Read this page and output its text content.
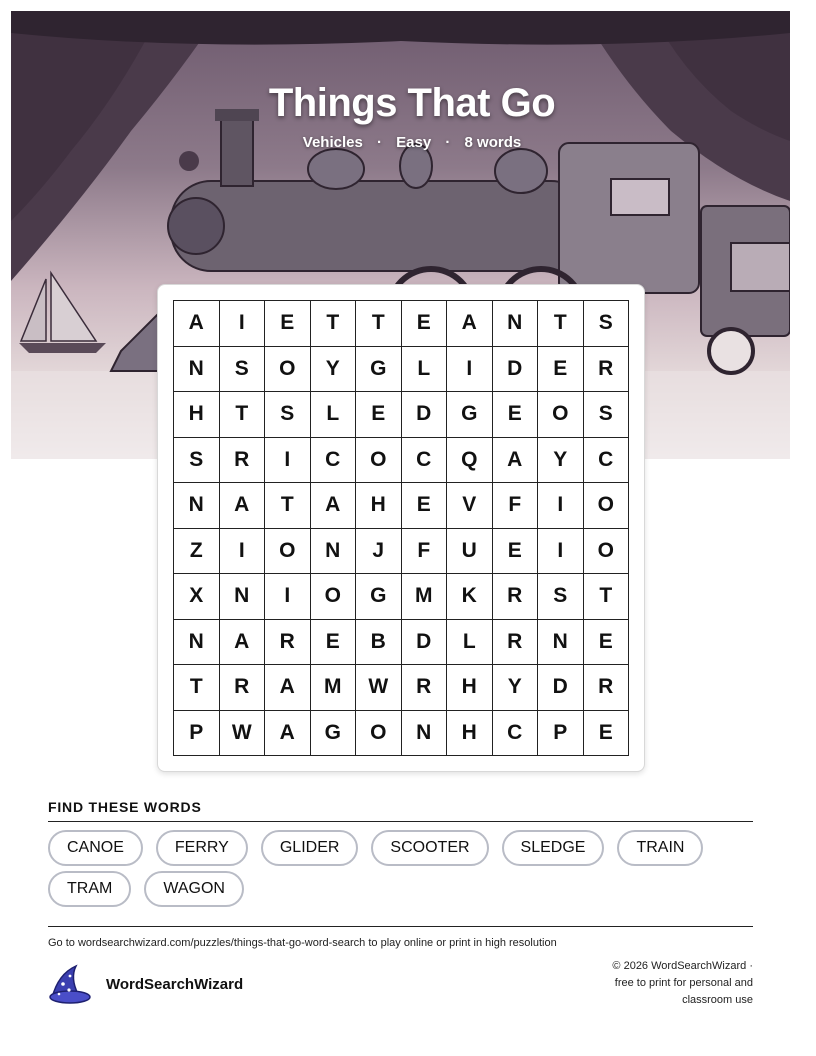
Things That Go
Vehicles · Easy · 8 words
A	I	E	T	T	E	A	N	T	S
N	S	O	Y	G	L	I	D	E	R
H	T	S	L	E	D	G	E	O	S
S	R	I	C	O	C	Q	A	Y	C
N	A	T	A	H	E	V	F	I	O
Z	I	O	N	J	F	U	E	I	O
X	N	I	O	G	M	K	R	S	T
N	A	R	E	B	D	L	R	N	E
T	R	A	M	W	R	H	Y	D	R
P	W	A	G	O	N	H	C	P	E
FIND THESE WORDS
CANOE	FERRY	GLIDER	SCOOTER	SLEDGE	TRAIN
TRAM	WAGON
Go to wordsearchwizard.com/puzzles/things-that-go-word-search to play online or print in high resolution
WordSearchWizard
© 2026 WordSearchWizard ·
free to print for personal and
classroom use
